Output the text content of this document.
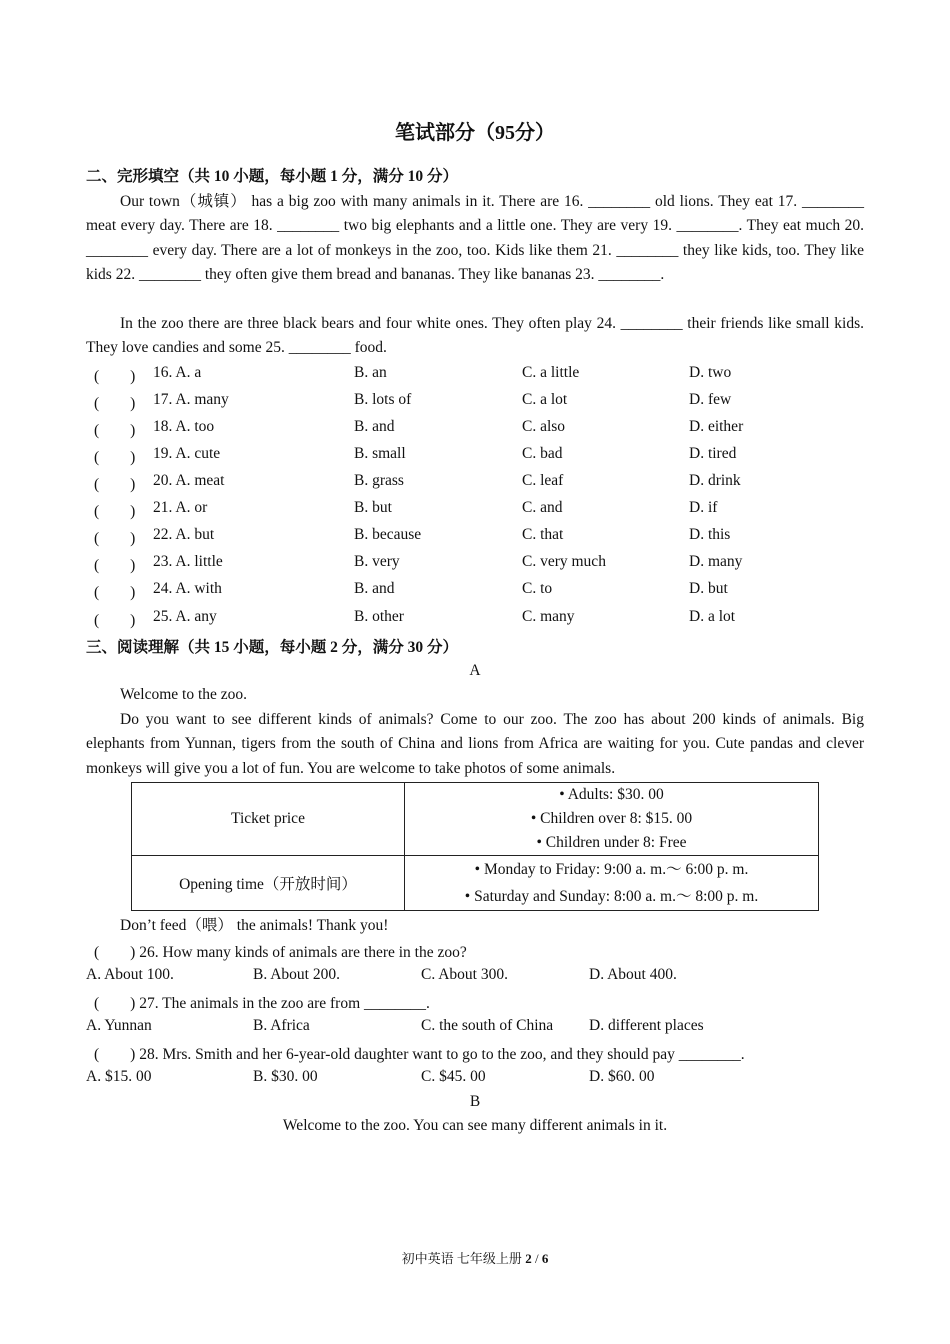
笔试部分（95分）
二、完形填空（共 10 小题，每小题 1 分，满分 10 分）
Our town（城镇） has a big zoo with many animals in it. There are 16. ________ old lions. They eat 17. ________ meat every day. There are 18. ________ two big elephants and a little one. They are very 19. ________. They eat much 20. ________ every day. There are a lot of monkeys in the zoo, too. Kids like them 21. ________ they like kids, too. They like kids 22. ________ they often give them bread and bananas. They like bananas 23. ________.
In the zoo there are three black bears and four white ones. They often play 24. ________ their friends like small kids. They love candies and some 25. ________ food.
(　　) 16. A. a	B. an	C. a little	D. two
(　　) 17. A. many	B. lots of	C. a lot	D. few
(　　) 18. A. too	B. and	C. also	D. either
(　　) 19. A. cute	B. small	C. bad	D. tired
(　　) 20. A. meat	B. grass	C. leaf	D. drink
(　　) 21. A. or	B. but	C. and	D. if
(　　) 22. A. but	B. because	C. that	D. this
(　　) 23. A. little	B. very	C. very much	D. many
(　　) 24. A. with	B. and	C. to	D. but
(　　) 25. A. any	B. other	C. many	D. a lot
三、阅读理解（共 15 小题，每小题 2 分，满分 30 分）
A
Welcome to the zoo.
Do you want to see different kinds of animals? Come to our zoo. The zoo has about 200 kinds of animals. Big elephants from Yunnan, tigers from the south of China and lions from Africa are waiting for you. Cute pandas and clever monkeys will give you a lot of fun. You are welcome to take photos of some animals.
Ticket price	• Adults: $30. 00
• Children over 8: $15. 00
• Children under 8: Free

Opening time（开放时间）	• Monday to Friday: 9:00 a. m.～ 6:00 p. m.
• Saturday and Sunday: 8:00 a. m.～ 8:00 p. m.
Don’t feed（喂） the animals! Thank you!
(　　) 26. How many kinds of animals are there in the zoo?
A. About 100.	B. About 200.	C. About 300.	D. About 400.
(　　) 27. The animals in the zoo are from ________.
A. Yunnan	B. Africa	C. the south of China D. different places
(　　) 28. Mrs. Smith and her 6-year-old daughter want to go to the zoo, and they should pay ________.
A. $15. 00	B. $30. 00	C. $45. 00	D. $60. 00
B
Welcome to the zoo. You can see many different animals in it.
初中英语 七年级上册 2 / 6
